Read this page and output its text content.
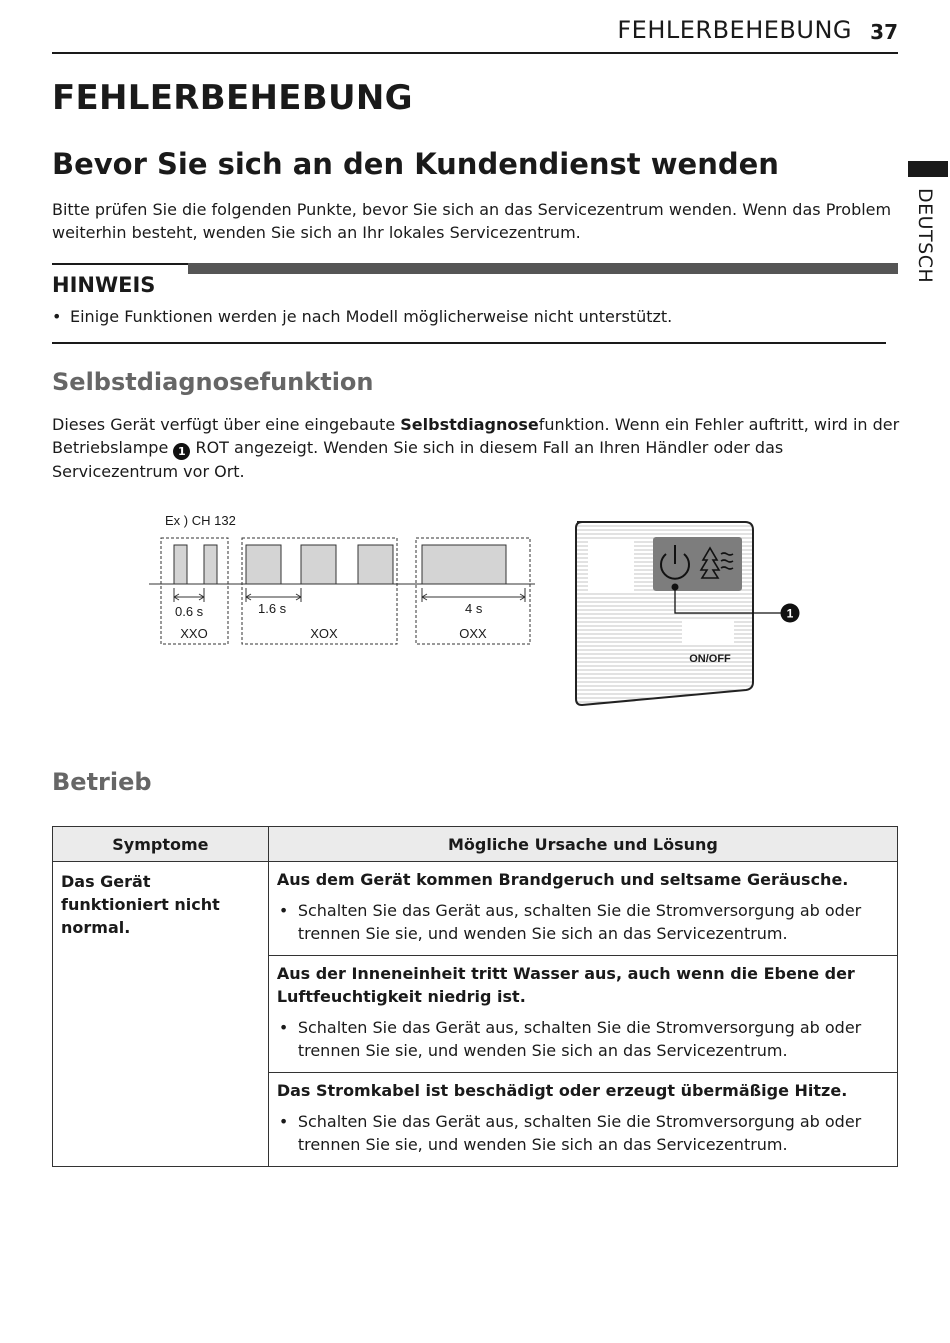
FEHLERBEHEBUNG 37
DEUTSCH
FEHLERBEHEBUNG
Bevor Sie sich an den Kundendienst wenden
Bitte prüfen Sie die folgenden Punkte, bevor Sie sich an das Servicezentrum wenden. Wenn das Problem weiterhin besteht, wenden Sie sich an Ihr lokales Servicezentrum.
HINWEIS
• Einige Funktionen werden je nach Modell möglicherweise nicht unterstützt.
Selbstdiagnosefunktion
Dieses Gerät verfügt über eine eingebaute Selbstdiagnosefunktion. Wenn ein Fehler auftritt, wird in der Betriebslampe 1 ROT angezeigt. Wenden Sie sich in diesem Fall an Ihren Händler oder das Servicezentrum vor Ort.
Ex ) CH 132
0.6 s	1.6 s	4 s
XXO	XOX	OXX
1
ON/OFF
Betrieb
Symptome	Mögliche Ursache und Lösung

Das Gerät funktioniert nicht normal.	Aus dem Gerät kommen Brandgeruch und seltsame Geräusche.
• Schalten Sie das Gerät aus, schalten Sie die Stromversorgung ab oder trennen Sie sie, und wenden Sie sich an das Servicezentrum.

	Aus der Inneneinheit tritt Wasser aus, auch wenn die Ebene der Luftfeuchtigkeit niedrig ist.
• Schalten Sie das Gerät aus, schalten Sie die Stromversorgung ab oder trennen Sie sie, und wenden Sie sich an das Servicezentrum.

	Das Stromkabel ist beschädigt oder erzeugt übermäßige Hitze.
• Schalten Sie das Gerät aus, schalten Sie die Stromversorgung ab oder trennen Sie sie, und wenden Sie sich an das Servicezentrum.
